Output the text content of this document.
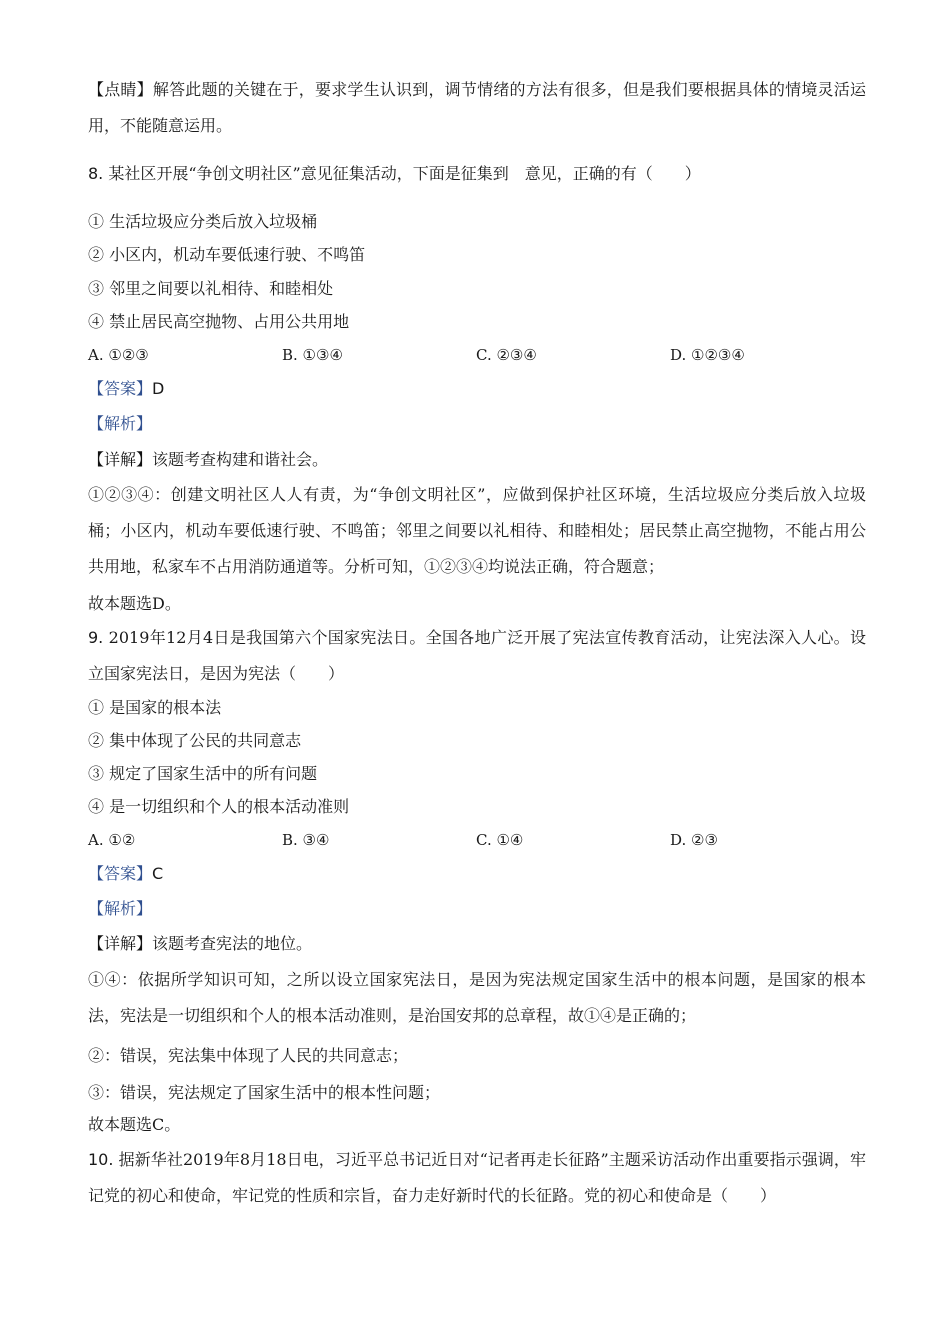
【点睛】解答此题的关键在于，要求学生认识到，调节情绪的方法有很多，但是我们要根据具体的情境灵活运用，不能随意运用。
8. 某社区开展“争创文明社区”意见征集活动，下面是征集到　意见，正确的有（　　）
① 生活垃圾应分类后放入垃圾桶
② 小区内，机动车要低速行驶、不鸣笛
③ 邻里之间要以礼相待、和睦相处
④ 禁止居民高空抛物、占用公共用地
A. ①②③	B. ①③④	C. ②③④	D. ①②③④
【答案】D
【解析】
【详解】该题考查构建和谐社会。
①②③④：创建文明社区人人有责，为“争创文明社区”，应做到保护社区环境，生活垃圾应分类后放入垃圾桶；小区内，机动车要低速行驶、不鸣笛；邻里之间要以礼相待、和睦相处；居民禁止高空抛物，不能占用公共用地，私家车不占用消防通道等。分析可知，①②③④均说法正确，符合题意；
故本题选D。
9. 2019年12月4日是我国第六个国家宪法日。全国各地广泛开展了宪法宣传教育活动，让宪法深入人心。设立国家宪法日，是因为宪法（　　）
① 是国家的根本法
② 集中体现了公民的共同意志
③ 规定了国家生活中的所有问题
④ 是一切组织和个人的根本活动准则
A. ①②	B. ③④	C. ①④	D. ②③
【答案】C
【解析】
【详解】该题考查宪法的地位。
①④：依据所学知识可知，之所以设立国家宪法日，是因为宪法规定国家生活中的根本问题，是国家的根本法，宪法是一切组织和个人的根本活动准则，是治国安邦的总章程，故①④是正确的；
②：错误，宪法集中体现了人民的共同意志；
③：错误，宪法规定了国家生活中的根本性问题；
故本题选C。
10. 据新华社2019年8月18日电，习近平总书记近日对“记者再走长征路”主题采访活动作出重要指示强调，牢记党的初心和使命，牢记党的性质和宗旨，奋力走好新时代的长征路。党的初心和使命是（　　）
